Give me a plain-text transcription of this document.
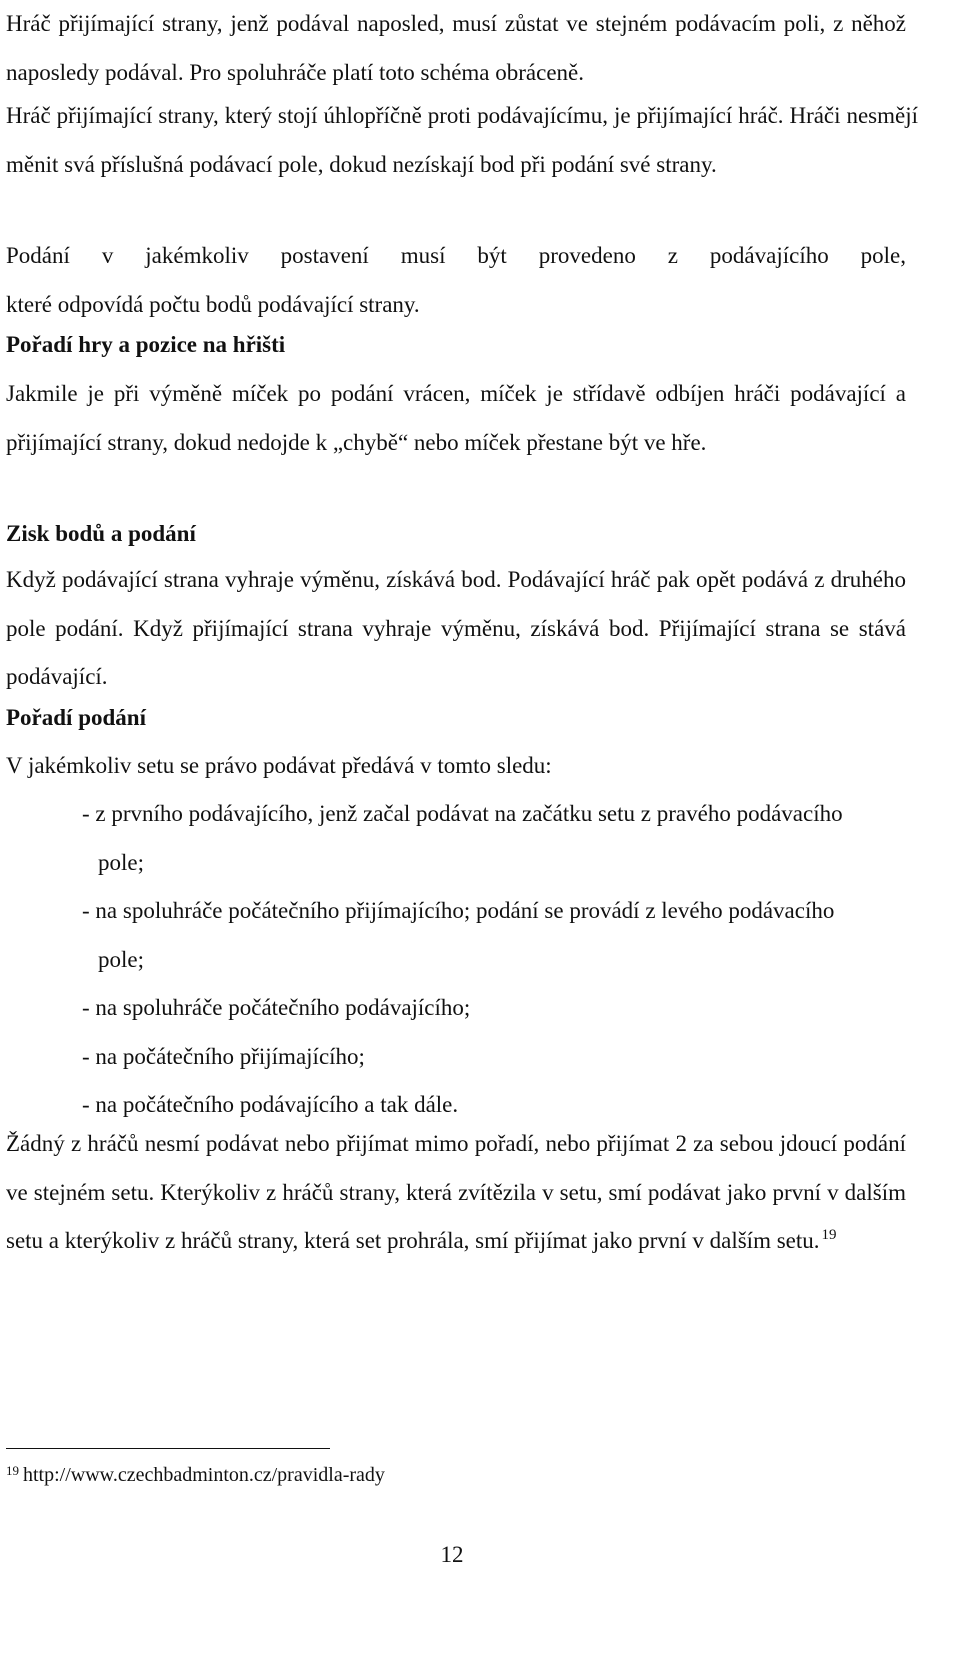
Hráč přijímající strany, jenž podával naposled, musí zůstat ve stejném podávacím poli, z něhož naposledy podával. Pro spoluhráče platí toto schéma obráceně.

Hráč přijímající strany, který stojí úhlopříčně proti podávajícímu, je přijímající hráč. Hráči nesmějí měnit svá příslušná podávací pole, dokud nezískají bod při podání své strany.

Podání v jakémkoliv postavení musí být provedeno z podávajícího pole,

které odpovídá počtu bodů podávající strany.

Pořadí hry a pozice na hřišti

Jakmile je při výměně míček po podání vrácen, míček je střídavě odbíjen hráči podávající a přijímající strany, dokud nedojde k „chybě“ nebo míček přestane být ve hře.

Zisk bodů a podání

Když podávající strana vyhraje výměnu, získává bod. Podávající hráč pak opět podává z druhého pole podání. Když přijímající strana vyhraje výměnu, získává bod. Přijímající strana se stává podávající.

Pořadí podání

V jakémkoliv setu se právo podávat předává v tomto sledu:

- z prvního podávajícího, jenž začal podávat na začátku setu z pravého podávacího pole;
- na spoluhráče počátečního přijímajícího; podání se provádí z levého podávacího pole;
- na spoluhráče počátečního podávajícího;
- na počátečního přijímajícího;
- na počátečního podávajícího a tak dále.

Žádný z hráčů nesmí podávat nebo přijímat mimo pořadí, nebo přijímat 2 za sebou jdoucí podání ve stejném setu. Kterýkoliv z hráčů strany, která zvítězila v setu, smí podávat jako první v dalším setu a kterýkoliv z hráčů strany, která set prohrála, smí přijímat jako první v dalším setu. $^{19}$

$^{19}$ http://www.czechbadminton.cz/pravidla-rady
12
